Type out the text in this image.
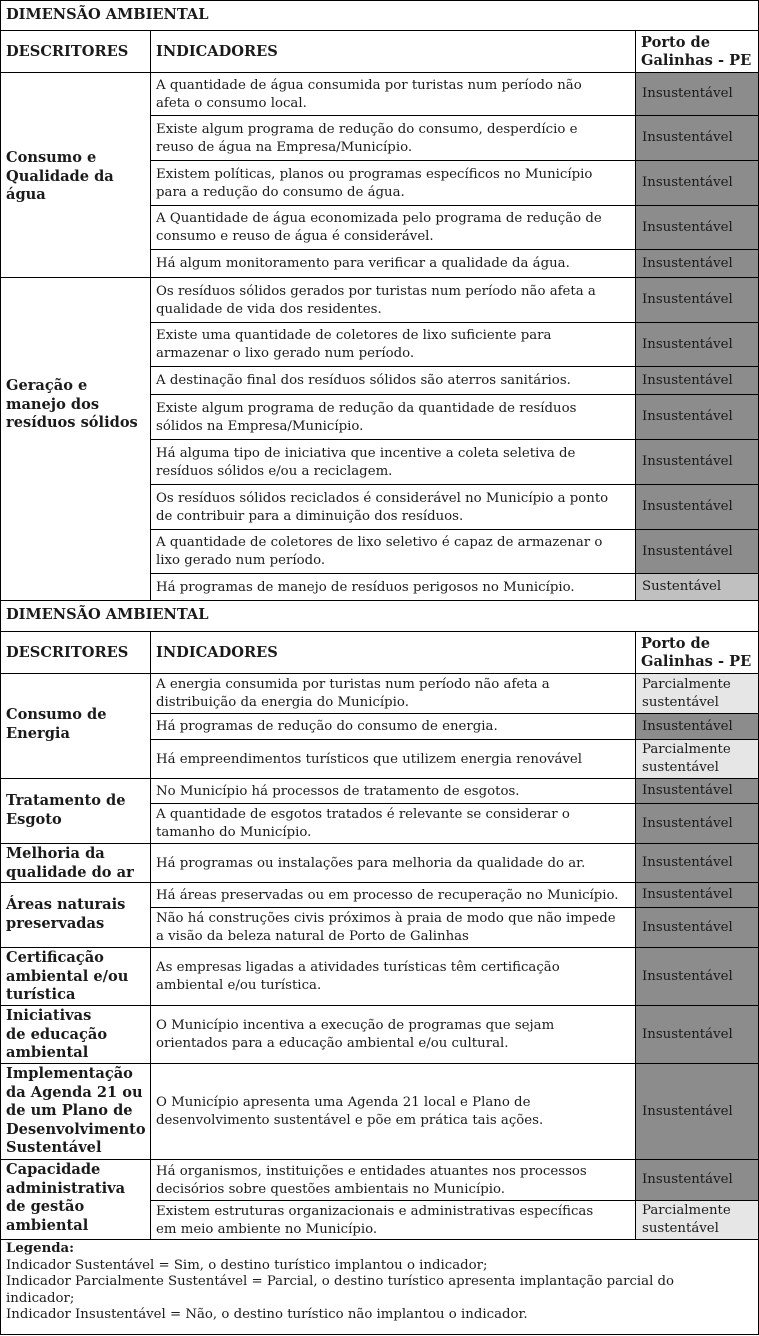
DIMENSÃO AMBIENTAL
DESCRITORES INDICADORES
Porto de
Galinhas - PE
Consumo e
Qualidade da
água
Insustentável
A quantidade de água consumida por turistas num período não
afeta o consumo local.
Insustentável
Existe algum programa de redução do consumo, desperdício e
reuso de água na Empresa/Município.
Insustentável
Existem políticas, planos ou programas específicos no Município
para a redução do consumo de água.
Insustentável
A Quantidade de água economizada pelo programa de redução de
consumo e reuso de água é considerável.
Insustentável
Há algum monitoramento para verificar a qualidade da água.
Geração e
manejo dos
resíduos sólidos
Insustentável
Os resíduos sólidos gerados por turistas num período não afeta a
qualidade de vida dos residentes.
Insustentável
Existe uma quantidade de coletores de lixo suficiente para
armazenar o lixo gerado num período.
Insustentável
A destinação final dos resíduos sólidos são aterros sanitários.
Insustentável
Existe algum programa de redução da quantidade de resíduos
sólidos na Empresa/Município.
Insustentável
Há alguma tipo de iniciativa que incentive a coleta seletiva de
resíduos sólidos e/ou a reciclagem.
Insustentável
Os resíduos sólidos reciclados é considerável no Município a ponto
de contribuir para a diminuição dos resíduos.
Insustentável
A quantidade de coletores de lixo seletivo é capaz de armazenar o
lixo gerado num período.
Sustentável
Há programas de manejo de resíduos perigosos no Município.
DIMENSÃO AMBIENTAL
DESCRITORES INDICADORES
Porto de
Galinhas - PE
Consumo de
Energia
Parcialmente
sustentável
A energia consumida por turistas num período não afeta a
distribuição da energia do Município.
Insustentável
Há programas de redução do consumo de energia.
Parcialmente
sustentável
Há empreendimentos turísticos que utilizem energia renovável
Tratamento de
Esgoto
Insustentável
No Município há processos de tratamento de esgotos.
Insustentável
A quantidade de esgotos tratados é relevante se considerar o
tamanho do Município.
Melhoria da
qualidade do ar
Insustentável
Há programas ou instalações para melhoria da qualidade do ar.
Áreas naturais
preservadas
Insustentável
Há áreas preservadas ou em processo de recuperação no Município.
Insustentável
Não há construções civis próximos à praia de modo que não impede
a visão da beleza natural de Porto de Galinhas
Certificação
ambiental e/ou
turística
Insustentável
As empresas ligadas a atividades turísticas têm certificação
ambiental e/ou turística.
Iniciativas
de educação
ambiental
Insustentável
O Município incentiva a execução de programas que sejam
orientados para a educação ambiental e/ou cultural.
Implementação
da Agenda 21 ou
de um Plano de
Desenvolvimento
Sustentável
Insustentável
O Município apresenta uma Agenda 21 local e Plano de
desenvolvimento sustentável e põe em prática tais ações.
Capacidade
administrativa
de gestão
ambiental
Insustentável
Há organismos, instituições e entidades atuantes nos processos
decisórios sobre questões ambientais no Município.
Parcialmente
sustentável
Existem estruturas organizacionais e administrativas específicas
em meio ambiente no Município.
Legenda:
Indicador Sustentável = Sim, o destino turístico implantou o indicador;
Indicador Parcialmente Sustentável = Parcial, o destino turístico apresenta implantação parcial do
indicador;
Indicador Insustentável = Não, o destino turístico não implantou o indicador.
